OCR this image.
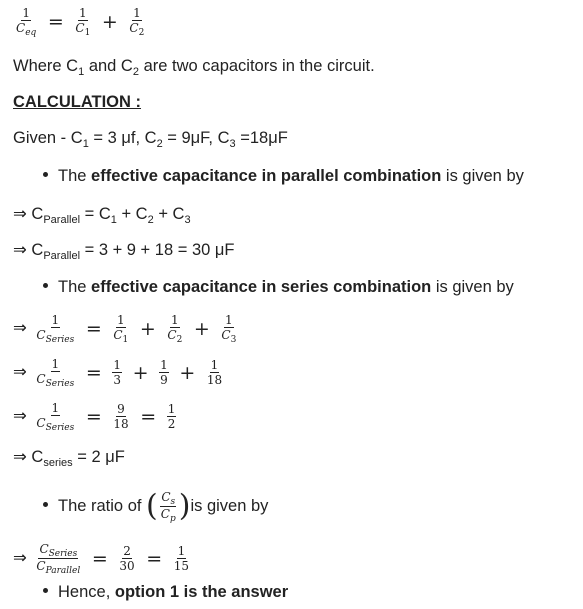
$\frac{1}{C_{eq}} = \frac{1}{C_1} + \frac{1}{C_2}$
Where $C_1$ and $C_2$ are two capacitors in the circuit.
CALCULATION :
Given - $C_1 = 3$ μf, $C_2 = 9\mu F$, $C_3 =18\mu F$
The effective capacitance in parallel combination is given by
⇒ $C_{Parallel} = C_1 + C_2 + C_3$
⇒ $C_{Parallel} = 3 + 9 + 18 = 30$ μF
The effective capacitance in series combination is given by
⇒ $\frac{1}{C_{Series}} = \frac{1}{C_1} + \frac{1}{C_2} + \frac{1}{C_3}$
⇒ $\frac{1}{C_{Series}} = \frac{1}{3} + \frac{1}{9} + \frac{1}{18}$
⇒ $\frac{1}{C_{Series}} = \frac{9}{18} = \frac{1}{2}$
⇒ $C_{series} = 2$ μF
The ratio of ( $\frac{C_s}{C_p} )is$ given by
⇒ $\frac{C_{Series}}{C_{Parallel}} = \frac{2}{30} = \frac{1}{15}$
Hence, option 1 is the answer
